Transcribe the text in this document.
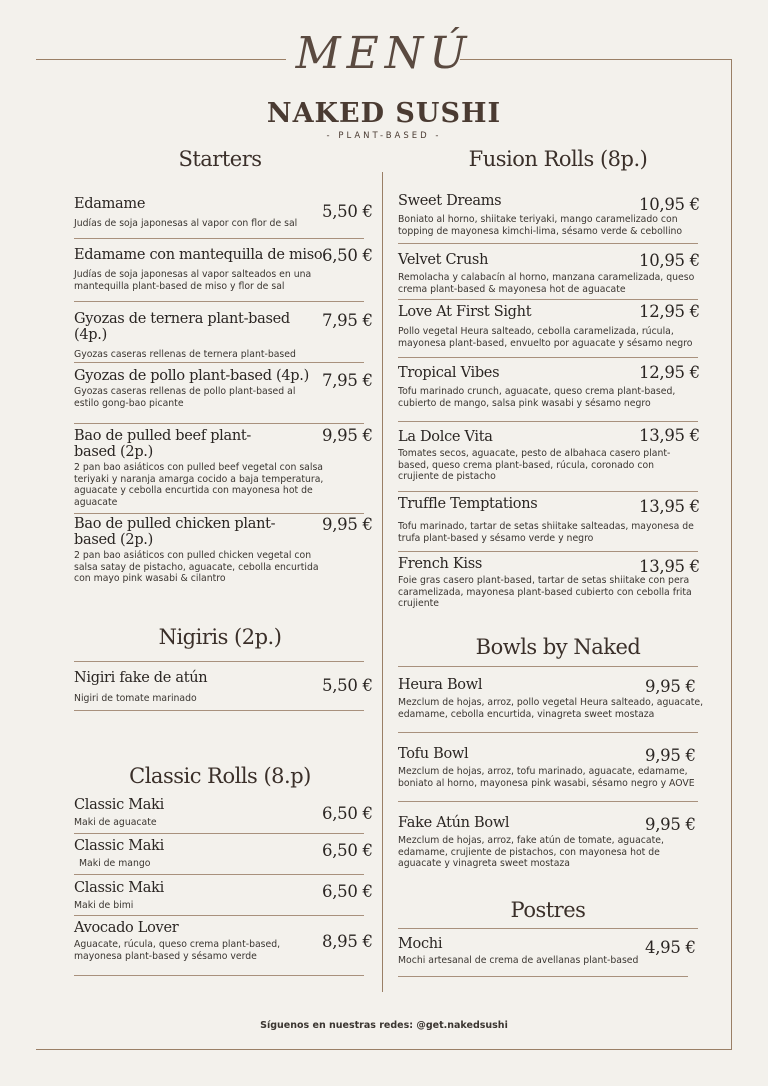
MENÚ
NAKED SUSHI
- PLANT-BASED -
Starters
Edamame
Judías de soja japonesas al vapor con flor de sal
5,50 €
Edamame con mantequilla de miso
Judías de soja japonesas al vapor salteados en una mantequilla plant-based de miso y flor de sal
6,50 €
Gyozas de ternera plant-based (4p.)
Gyozas caseras rellenas de ternera plant-based
7,95 €
Gyozas de pollo plant-based (4p.)
Gyozas caseras rellenas de pollo plant-based al estilo gong-bao picante
7,95 €
Bao de pulled beef plant-based (2p.)
2 pan bao asiáticos con pulled beef vegetal con salsa teriyaki y naranja amarga cocido a baja temperatura, aguacate y cebolla encurtida con mayonesa hot de aguacate
9,95 €
Bao de pulled chicken plant-based (2p.)
2 pan bao asiáticos con pulled chicken vegetal con salsa satay de pistacho, aguacate, cebolla encurtida con mayo pink wasabi & cilantro
9,95 €
Nigiris (2p.)
Nigiri fake de atún
Nigiri de tomate marinado
5,50 €
Classic Rolls (8.p)
Classic Maki
Maki de aguacate	6,50 €
Classic Maki
Maki de mango
6,50 €
Classic Maki
Maki de bimi
6,50 €
Avocado Lover
Aguacate, rúcula, queso crema plant-based, mayonesa plant-based y sésamo verde
8,95 €
Fusion Rolls (8p.)
Sweet Dreams
Boniato al horno, shiitake teriyaki, mango caramelizado con topping de mayonesa kimchi-lima, sésamo verde & cebollino
10,95 €
Velvet Crush
Remolacha y calabacín al horno, manzana caramelizada, queso crema plant-based & mayonesa hot de aguacate
10,95 €
Love At First Sight
Pollo vegetal Heura salteado, cebolla caramelizada, rúcula, mayonesa plant-based, envuelto por aguacate y sésamo negro
12,95 €
Tropical Vibes
Tofu marinado crunch, aguacate, queso crema plant-based, cubierto de mango, salsa pink wasabi y sésamo negro
12,95 €
La Dolce Vita
Tomates secos, aguacate, pesto de albahaca casero plant-based, queso crema plant-based, rúcula, coronado con crujiente de pistacho
13,95 €
Truffle Temptations
Tofu marinado, tartar de setas shiitake salteadas, mayonesa de trufa plant-based y sésamo verde y negro
13,95 €
French Kiss
Foie gras casero plant-based, tartar de setas shiitake con pera caramelizada, mayonesa plant-based cubierto con cebolla frita crujiente
13,95 €
Bowls by Naked
Heura Bowl
Mezclum de hojas, arroz, pollo vegetal Heura salteado, aguacate, edamame, cebolla encurtida, vinagreta sweet mostaza
9,95 €
Tofu Bowl
Mezclum de hojas, arroz, tofu marinado, aguacate, edamame, boniato al horno, mayonesa pink wasabi, sésamo negro y AOVE
9,95 €
Fake Atún Bowl
Mezclum de hojas, arroz, fake atún de tomate, aguacate, edamame, crujiente de pistachos, con mayonesa hot de aguacate y vinagreta sweet mostaza
9,95 €
Postres
Mochi
Mochi artesanal de crema de avellanas plant-based
4,95 €
Síguenos en nuestras redes: @get.nakedsushi
